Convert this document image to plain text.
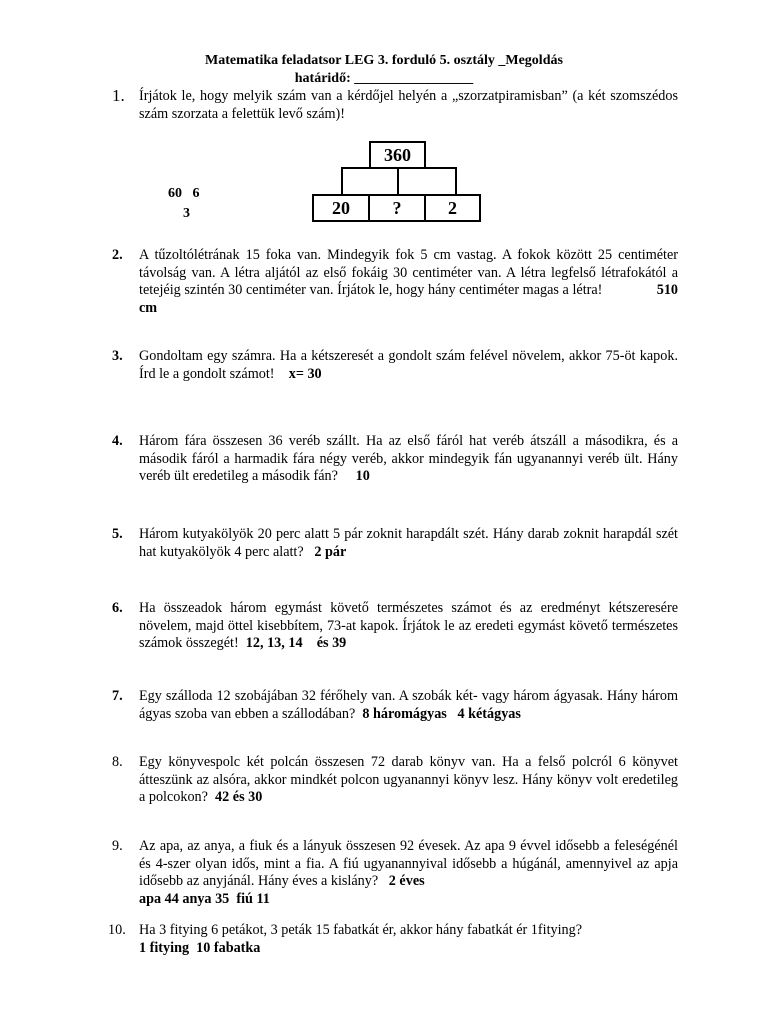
Matematika feladatsor LEG 3. forduló 5. osztály _Megoldás
határidő: _________________
1.	Írjátok le, hogy melyik szám van a kérdőjel helyén a „szorzatpiramisban” (a két szomszédos szám szorzata a felettük levő szám)!
360
20	?	2
60   6
3
2.	A tűzoltólétrának 15 foka van. Mindegyik fok 5 cm vastag. A fokok között 25 centiméter távolság van. A létra aljától az első fokáig 30 centiméter van. A létra legfelső létrafokától a tetejéig szintén 30 centiméter van. Írjátok le, hogy hány centiméter magas a létra!	510 cm
3.	Gondoltam egy számra. Ha a kétszeresét a gondolt szám felével növelem, akkor 75-öt kapok. Írd le a gondolt számot! x= 30
4.	Három fára összesen 36 veréb szállt. Ha az első fáról hat veréb átszáll a másodikra, és a második fáról a harmadik fára négy veréb, akkor mindegyik fán ugyanannyi veréb ült. Hány veréb ült eredetileg a második fán? 10
5.	Három kutyakölyök 20 perc alatt 5 pár zoknit harapdált szét. Hány darab zoknit harapdál szét hat kutyakölyök 4 perc alatt? 2 pár
6.	Ha összeadok három egymást követő természetes számot és az eredményt kétszeresére növelem, majd öttel kisebbítem, 73-at kapok. Írjátok le az eredeti egymást követő természetes számok összegét! 12, 13, 14    és 39
7.	Egy szálloda 12 szobájában 32 férőhely van. A szobák két- vagy három ágyasak. Hány három ágyas szoba van ebben a szállodában? 8 háromágyas   4 kétágyas
8.	Egy könyvespolc két polcán összesen 72 darab könyv van. Ha a felső polcról 6 könyvet átteszünk az alsóra, akkor mindkét polcon ugyanannyi könyv lesz. Hány könyv volt eredetileg a polcokon? 42 és 30
9.	Az apa, az anya, a fiuk és a lányuk összesen 92 évesek. Az apa 9 évvel idősebb a feleségénél és 4-szer olyan idős, mint a fia. A fiú ugyanannyival idősebb a húgánál, amennyivel az apja idősebb az anyjánál. Hány éves a kislány? 2 éves
apa 44 anya 35  fiú 11
10. Ha 3 fitying 6 petákot, 3 peták 15 fabatkát ér, akkor hány fabatkát ér 1fitying?
1 fitying  10 fabatka
